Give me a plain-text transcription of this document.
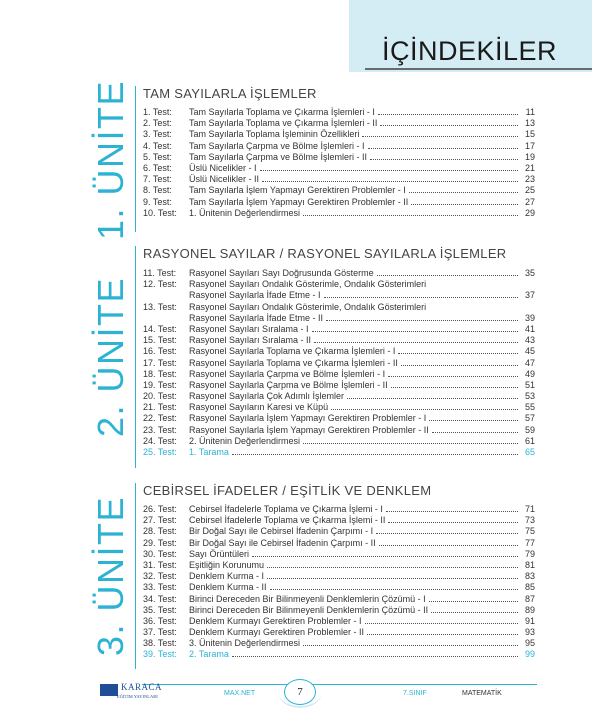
İÇİNDEKİLER
1. ÜNİTE TAM SAYILARLA İŞLEMLER
1. Test:	Tam Sayılarla Toplama ve Çıkarma İşlemleri - I	11
2. Test:	Tam Sayılarla Toplama ve Çıkarma İşlemleri - II	13
3. Test:	Tam Sayılarla Toplama İşleminin Özellikleri	15
4. Test:	Tam Sayılarla Çarpma ve Bölme İşlemleri - I	17
5. Test:	Tam Sayılarla Çarpma ve Bölme İşlemleri - II	19
6. Test:	Üslü Nicelikler - I	21
7. Test:	Üslü Nicelikler - II	23
8. Test:	Tam Sayılarla İşlem Yapmayı Gerektiren Problemler - I	25
9. Test:	Tam Sayılarla İşlem Yapmayı Gerektiren Problemler - II	27
10. Test:	1. Ünitenin Değerlendirmesi	29
2. ÜNİTE
RASYONEL SAYILAR / RASYONEL SAYILARLA İŞLEMLER
11. Test:	Rasyonel Sayıları Sayı Doğrusunda Gösterme	35
12. Test:	Rasyonel Sayıları Ondalık Gösterimle, Ondalık Gösterimleri
Rasyonel Sayılarla İfade Etme - I	37
13. Test:	Rasyonel Sayıları Ondalık Gösterimle, Ondalık Gösterimleri
Rasyonel Sayılarla İfade Etme - II	39
14. Test:	Rasyonel Sayıları Sıralama - I	41
15. Test:	Rasyonel Sayıları Sıralama - II	43
16. Test:	Rasyonel Sayılarla Toplama ve Çıkarma İşlemleri - I	45
17. Test:	Rasyonel Sayılarla Toplama ve Çıkarma İşlemleri - II	47
18. Test:	Rasyonel Sayılarla Çarpma ve Bölme İşlemleri - I	49
19. Test:	Rasyonel Sayılarla Çarpma ve Bölme İşlemleri - II	51
20. Test:	Rasyonel Sayılarla Çok Adımlı İşlemler	53
21. Test:	Rasyonel Sayıların Karesi ve Küpü	55
22. Test:	Rasyonel Sayılarla İşlem Yapmayı Gerektiren Problemler - I	57
23. Test:	Rasyonel Sayılarla İşlem Yapmayı Gerektiren Problemler - II	59
24. Test:	2. Ünitenin Değerlendirmesi	61
25. Test:	1. Tarama	65
3. ÜNİTE
CEBİRSEL İFADELER / EŞİTLİK VE DENKLEM
26. Test:	Cebirsel İfadelerle Toplama ve Çıkarma İşlemi - I	71
27. Test:	Cebirsel İfadelerle Toplama ve Çıkarma İşlemi - II	73
28. Test:	Bir Doğal Sayı ile Cebirsel İfadenin Çarpımı - I	75
29. Test:	Bir Doğal Sayı ile Cebirsel İfadenin Çarpımı - II	77
30. Test:	Sayı Örüntüleri	79
31. Test:	Eşitliğin Korunumu	81
32. Test:	Denklem Kurma - I	83
33. Test:	Denklem Kurma - II	85
34. Test:	Birinci Dereceden Bir Bilinmeyenli Denklemlerin Çözümü - I	87
35. Test:	Birinci Dereceden Bir Bilinmeyenli Denklemlerin Çözümü - II	89
36. Test:	Denklem Kurmayı Gerektiren Problemler - I	91
37. Test:	Denklem Kurmayı Gerektiren Problemler - II	93
38. Test:	3. Ünitenin Değerlendirmesi	95
39. Test:	2. Tarama	99
KARACA
EĞİTİM YAYINLARI	MAX.NET	7	7.SINIF	MATEMATİK
